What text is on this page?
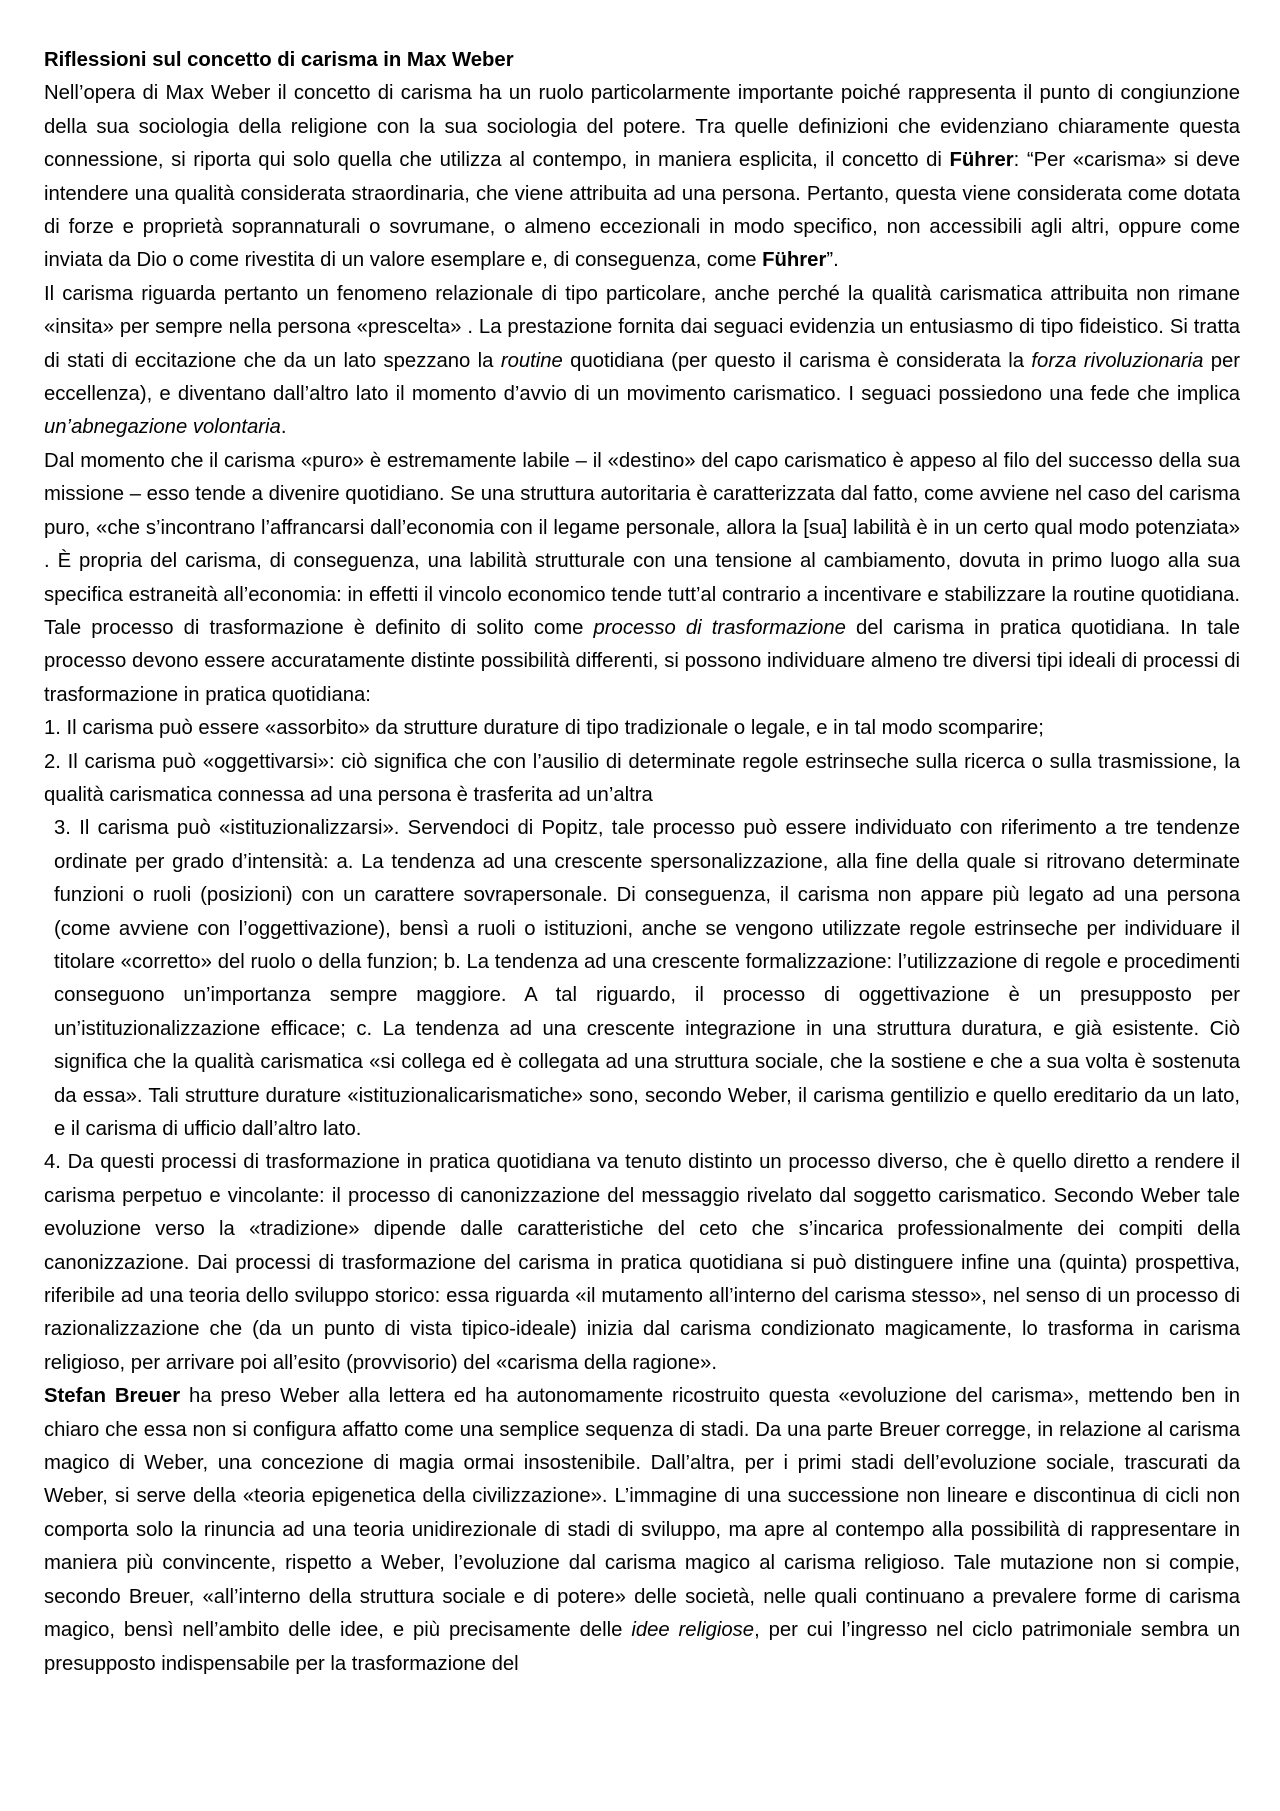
Riflessioni sul concetto di carisma in Max Weber

Nell’opera di Max Weber il concetto di carisma ha un ruolo particolarmente importante poiché rappresenta il punto di congiunzione della sua sociologia della religione con la sua sociologia del potere. Tra quelle definizioni che evidenziano chiaramente questa connessione, si riporta qui solo quella che utilizza al contempo, in maniera esplicita, il concetto di Führer: “Per «carisma» si deve intendere una qualità considerata straordinaria, che viene attribuita ad una persona. Pertanto, questa viene considerata come dotata di forze e proprietà soprannaturali o sovrumane, o almeno eccezionali in modo specifico, non accessibili agli altri, oppure come inviata da Dio o come rivestita di un valore esemplare e, di conseguenza, come Führer”.

Il carisma riguarda pertanto un fenomeno relazionale di tipo particolare, anche perché la qualità carismatica attribuita non rimane «insita» per sempre nella persona «prescelta» . La prestazione fornita dai seguaci evidenzia un entusiasmo di tipo fideistico. Si tratta di stati di eccitazione che da un lato spezzano la routine quotidiana (per questo il carisma è considerata la forza rivoluzionaria per eccellenza), e diventano dall’altro lato il momento d’avvio di un movimento carismatico. I seguaci possiedono una fede che implica un’abnegazione volontaria.

Dal momento che il carisma «puro» è estremamente labile – il «destino» del capo carismatico è appeso al filo del successo della sua missione – esso tende a divenire quotidiano. Se una struttura autoritaria è caratterizzata dal fatto, come avviene nel caso del carisma puro, «che s’incontrano l’affrancarsi dall’economia con il legame personale, allora la [sua] labilità è in un certo qual modo potenziata» . È propria del carisma, di conseguenza, una labilità strutturale con una tensione al cambiamento, dovuta in primo luogo alla sua specifica estraneità all’economia: in effetti il vincolo economico tende tutt’al contrario a incentivare e stabilizzare la routine quotidiana. Tale processo di trasformazione è definito di solito come processo di trasformazione del carisma in pratica quotidiana. In tale processo devono essere accuratamente distinte possibilità differenti, si possono individuare almeno tre diversi tipi ideali di processi di trasformazione in pratica quotidiana:

1. Il carisma può essere «assorbito» da strutture durature di tipo tradizionale o legale, e in tal modo scomparire;

2. Il carisma può «oggettivarsi»: ciò significa che con l’ausilio di determinate regole estrinseche sulla ricerca o sulla trasmissione, la qualità carismatica connessa ad una persona è trasferita ad un’altra

3. Il carisma può «istituzionalizzarsi». Servendoci di Popitz, tale processo può essere individuato con riferimento a tre tendenze ordinate per grado d’intensità: a. La tendenza ad una crescente spersonalizzazione, alla fine della quale si ritrovano determinate funzioni o ruoli (posizioni) con un carattere sovrapersonale. Di conseguenza, il carisma non appare più legato ad una persona (come avviene con l’oggettivazione), bensì a ruoli o istituzioni, anche se vengono utilizzate regole estrinseche per individuare il titolare «corretto» del ruolo o della funzion; b. La tendenza ad una crescente formalizzazione: l’utilizzazione di regole e procedimenti conseguono un’importanza sempre maggiore. A tal riguardo, il processo di oggettivazione è un presupposto per un’istituzionalizzazione efficace; c. La tendenza ad una crescente integrazione in una struttura duratura, e già esistente. Ciò significa che la qualità carismatica «si collega ed è collegata ad una struttura sociale, che la sostiene e che a sua volta è sostenuta da essa». Tali strutture durature «istituzionalicarismatiche» sono, secondo Weber, il carisma gentilizio e quello ereditario da un lato, e il carisma di ufficio dall’altro lato.

4. Da questi processi di trasformazione in pratica quotidiana va tenuto distinto un processo diverso, che è quello diretto a rendere il carisma perpetuo e vincolante: il processo di canonizzazione del messaggio rivelato dal soggetto carismatico. Secondo Weber tale evoluzione verso la «tradizione» dipende dalle caratteristiche del ceto che s’incarica professionalmente dei compiti della canonizzazione. Dai processi di trasformazione del carisma in pratica quotidiana si può distinguere infine una (quinta) prospettiva, riferibile ad una teoria dello sviluppo storico: essa riguarda «il mutamento all’interno del carisma stesso», nel senso di un processo di razionalizzazione che (da un punto di vista tipico-ideale) inizia dal carisma condizionato magicamente, lo trasforma in carisma religioso, per arrivare poi all’esito (provvisorio) del «carisma della ragione».

Stefan Breuer ha preso Weber alla lettera ed ha autonomamente ricostruito questa «evoluzione del carisma», mettendo ben in chiaro che essa non si configura affatto come una semplice sequenza di stadi. Da una parte Breuer corregge, in relazione al carisma magico di Weber, una concezione di magia ormai insostenibile. Dall’altra, per i primi stadi dell’evoluzione sociale, trascurati da Weber, si serve della «teoria epigenetica della civilizzazione». L’immagine di una successione non lineare e discontinua di cicli non comporta solo la rinuncia ad una teoria unidirezionale di stadi di sviluppo, ma apre al contempo alla possibilità di rappresentare in maniera più convincente, rispetto a Weber, l’evoluzione dal carisma magico al carisma religioso. Tale mutazione non si compie, secondo Breuer, «all’interno della struttura sociale e di potere» delle società, nelle quali continuano a prevalere forme di carisma magico, bensì nell’ambito delle idee, e più precisamente delle idee religiose, per cui l’ingresso nel ciclo patrimoniale sembra un presupposto indispensabile per la trasformazione del
